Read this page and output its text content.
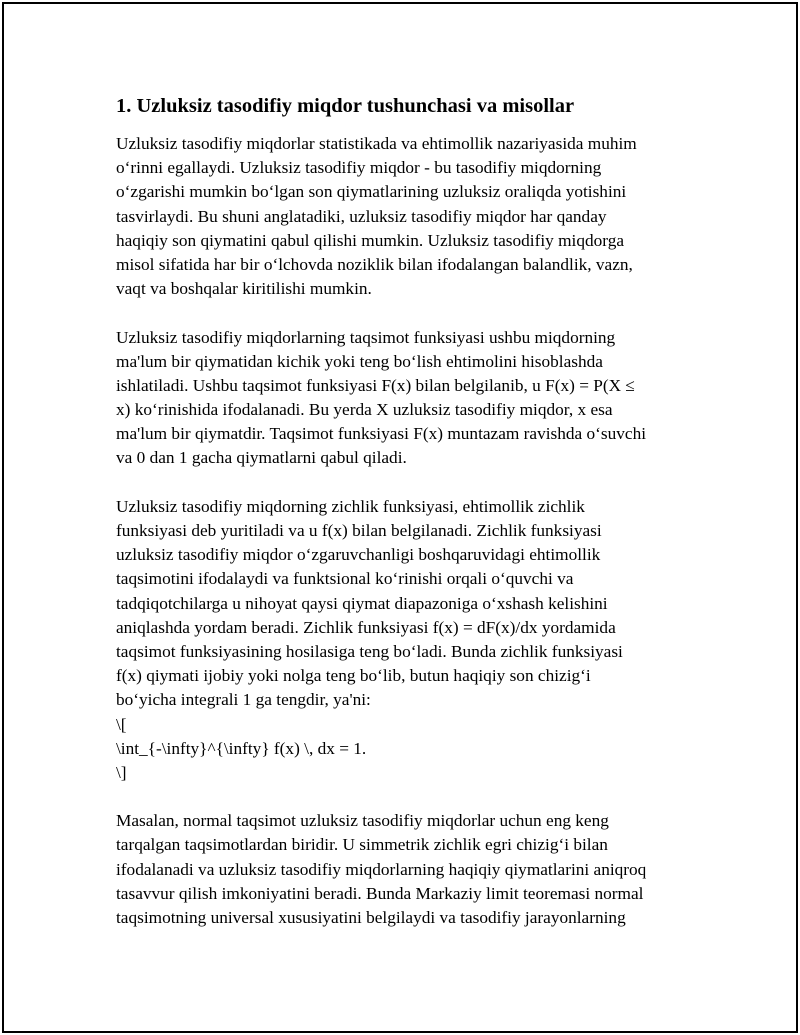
1. Uzluksiz tasodifiy miqdor tushunchasi va misollar
Uzluksiz tasodifiy miqdorlar statistikada va ehtimollik nazariyasida muhim
o‘rinni egallaydi. Uzluksiz tasodifiy miqdor - bu tasodifiy miqdorning
o‘zgarishi mumkin bo‘lgan son qiymatlarining uzluksiz oraliqda yotishini
tasvirlaydi. Bu shuni anglatadiki, uzluksiz tasodifiy miqdor har qanday
haqiqiy son qiymatini qabul qilishi mumkin. Uzluksiz tasodifiy miqdorga
misol sifatida har bir o‘lchovda noziklik bilan ifodalangan balandlik, vazn,
vaqt va boshqalar kiritilishi mumkin.
Uzluksiz tasodifiy miqdorlarning taqsimot funksiyasi ushbu miqdorning
ma'lum bir qiymatidan kichik yoki teng bo‘lish ehtimolini hisoblashda
ishlatiladi. Ushbu taqsimot funksiyasi F(x) bilan belgilanib, u F(x) = P(X ≤
x) ko‘rinishida ifodalanadi. Bu yerda X uzluksiz tasodifiy miqdor, x esa
ma'lum bir qiymatdir. Taqsimot funksiyasi F(x) muntazam ravishda o‘suvchi
va 0 dan 1 gacha qiymatlarni qabul qiladi.
Uzluksiz tasodifiy miqdorning zichlik funksiyasi, ehtimollik zichlik
funksiyasi deb yuritiladi va u f(x) bilan belgilanadi. Zichlik funksiyasi
uzluksiz tasodifiy miqdor o‘zgaruvchanligi boshqaruvidagi ehtimollik
taqsimotini ifodalaydi va funktsional ko‘rinishi orqali o‘quvchi va
tadqiqotchilarga u nihoyat qaysi qiymat diapazoniga o‘xshash kelishini
aniqlashda yordam beradi. Zichlik funksiyasi f(x) = dF(x)/dx yordamida
taqsimot funksiyasining hosilasiga teng bo‘ladi. Bunda zichlik funksiyasi
f(x) qiymati ijobiy yoki nolga teng bo‘lib, butun haqiqiy son chizig‘i
bo‘yicha integrali 1 ga tengdir, ya'ni:
\[
\int_{-\infty}^{\infty} f(x) \, dx = 1.
\]
Masalan, normal taqsimot uzluksiz tasodifiy miqdorlar uchun eng keng
tarqalgan taqsimotlardan biridir. U simmetrik zichlik egri chizig‘i bilan
ifodalanadi va uzluksiz tasodifiy miqdorlarning haqiqiy qiymatlarini aniqroq
tasavvur qilish imkoniyatini beradi. Bunda Markaziy limit teoremasi normal
taqsimotning universal xususiyatini belgilaydi va tasodifiy jarayonlarning
